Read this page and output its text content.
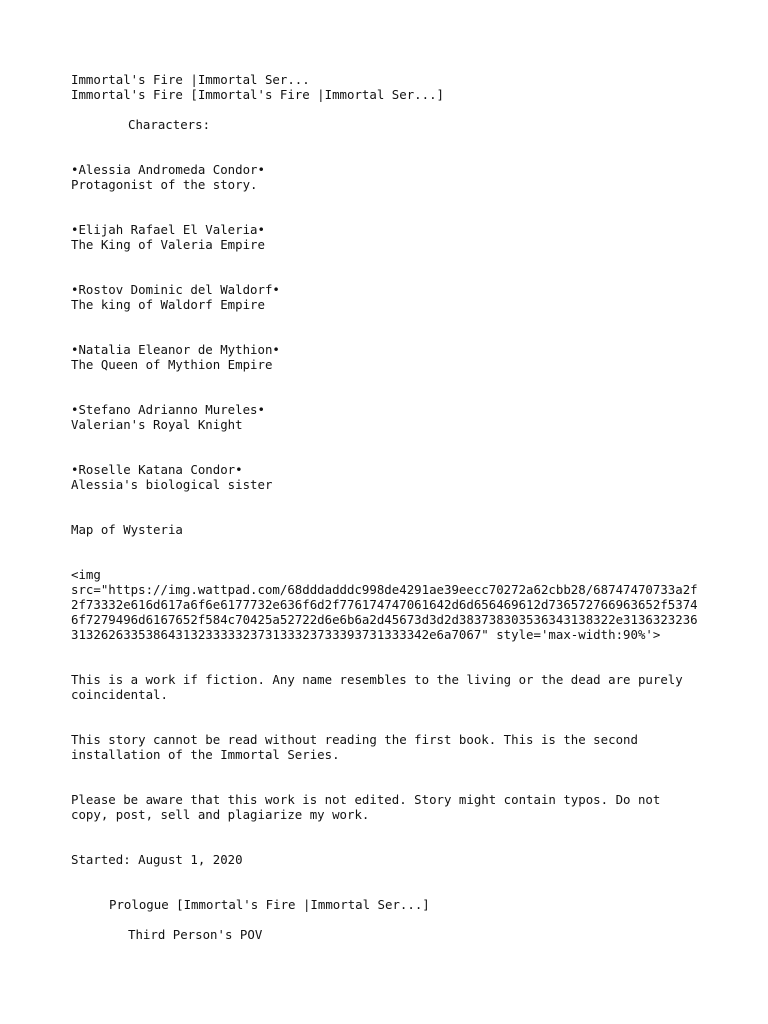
Immortal's Fire |Immortal Ser...
Immortal's Fire [Immortal's Fire |Immortal Ser...]
Characters:
•Alessia Andromeda Condor•
Protagonist of the story.
•Elijah Rafael El Valeria•
The King of Valeria Empire
•Rostov Dominic del Waldorf•
The king of Waldorf Empire
•Natalia Eleanor de Mythion•
The Queen of Mythion Empire
•Stefano Adrianno Mureles•
Valerian's Royal Knight
•Roselle Katana Condor•
Alessia's biological sister
Map of Wysteria
<img
src="https://img.wattpad.com/68dddadddc998de4291ae39eecc70272a62cbb28/68747470733a2f2f73332e616d617a6f6e6177732e636f6d2f776174747061642d6d656469612d736572766963652f53746f7279496d6167652f584c70425a52722d6e6b6a2d45673d3d2d383738303536343138322e3136323236313262633538643132333332373133323733393731333342e6a7067" style='max-width:90%'>
This is a work if fiction. Any name resembles to the living or the dead are purely coincidental.
This story cannot be read without reading the first book. This is the second installation of the Immortal Series.
Please be aware that this work is not edited. Story might contain typos. Do not copy, post, sell and plagiarize my work.
Started: August 1, 2020
Prologue [Immortal's Fire |Immortal Ser...]
Third Person's POV
